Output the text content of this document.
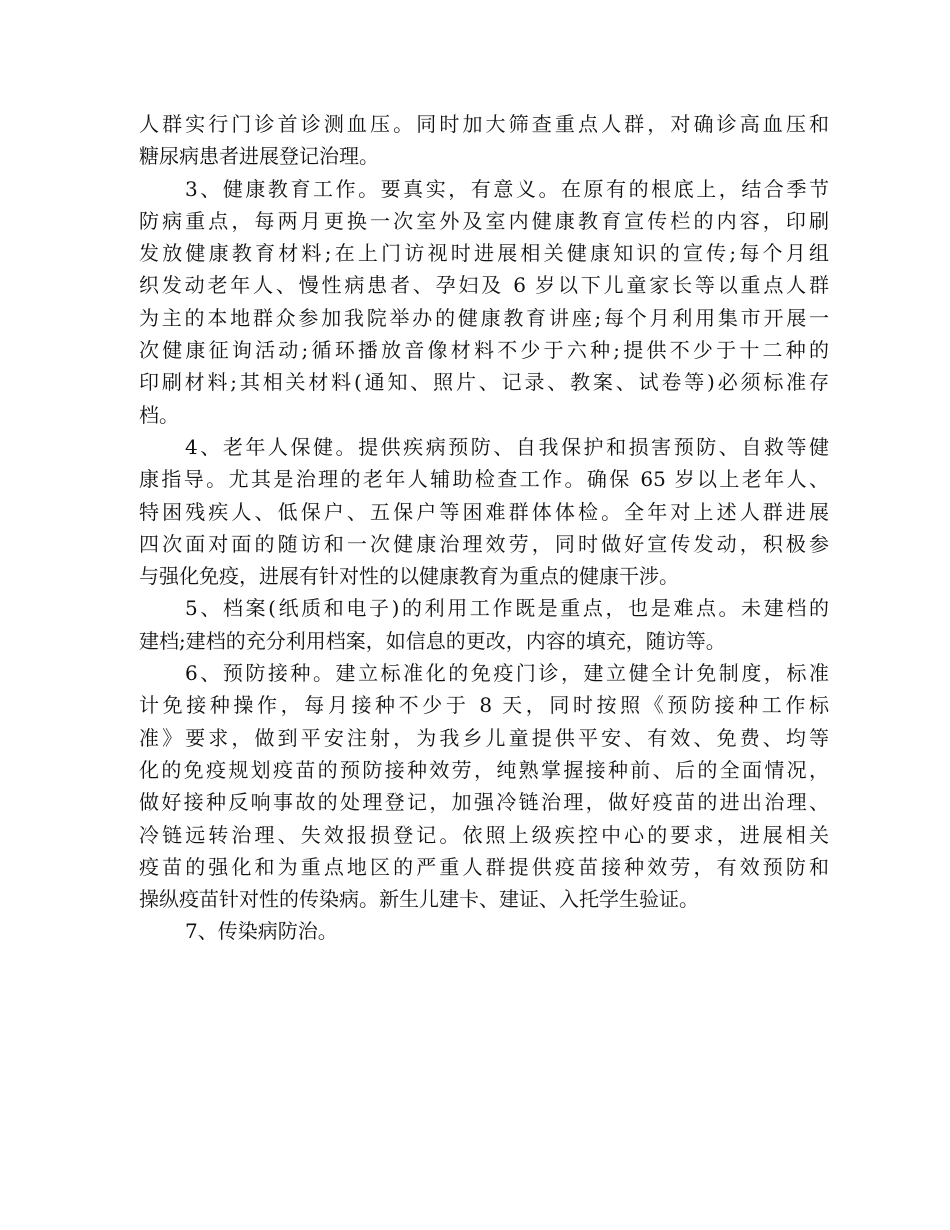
人群实行门诊首诊测血压。同时加大筛查重点人群，对确诊高血压和
糖尿病患者进展登记治理。
3、健康教育工作。要真实，有意义。在原有的根底上，结合季节
防病重点，每两月更换一次室外及室内健康教育宣传栏的内容，印刷
发放健康教育材料;在上门访视时进展相关健康知识的宣传;每个月组
织发动老年人、慢性病患者、孕妇及 6 岁以下儿童家长等以重点人群
为主的本地群众参加我院举办的健康教育讲座;每个月利用集市开展一
次健康征询活动;循环播放音像材料不少于六种;提供不少于十二种的
印刷材料;其相关材料(通知、照片、记录、教案、试卷等)必须标准存
档。
4、老年人保健。提供疾病预防、自我保护和损害预防、自救等健
康指导。尤其是治理的老年人辅助检查工作。确保 65 岁以上老年人、
特困残疾人、低保户、五保户等困难群体体检。全年对上述人群进展
四次面对面的随访和一次健康治理效劳，同时做好宣传发动，积极参
与强化免疫，进展有针对性的以健康教育为重点的健康干涉。
5、档案(纸质和电子)的利用工作既是重点，也是难点。未建档的
建档;建档的充分利用档案，如信息的更改，内容的填充，随访等。
6、预防接种。建立标准化的免疫门诊，建立健全计免制度，标准
计免接种操作，每月接种不少于 8 天，同时按照《预防接种工作标
准》要求，做到平安注射，为我乡儿童提供平安、有效、免费、均等
化的免疫规划疫苗的预防接种效劳，纯熟掌握接种前、后的全面情况，
做好接种反响事故的处理登记，加强冷链治理，做好疫苗的进出治理、
冷链远转治理、失效报损登记。依照上级疾控中心的要求，进展相关
疫苗的强化和为重点地区的严重人群提供疫苗接种效劳，有效预防和
操纵疫苗针对性的传染病。新生儿建卡、建证、入托学生验证。
7、传染病防治。
